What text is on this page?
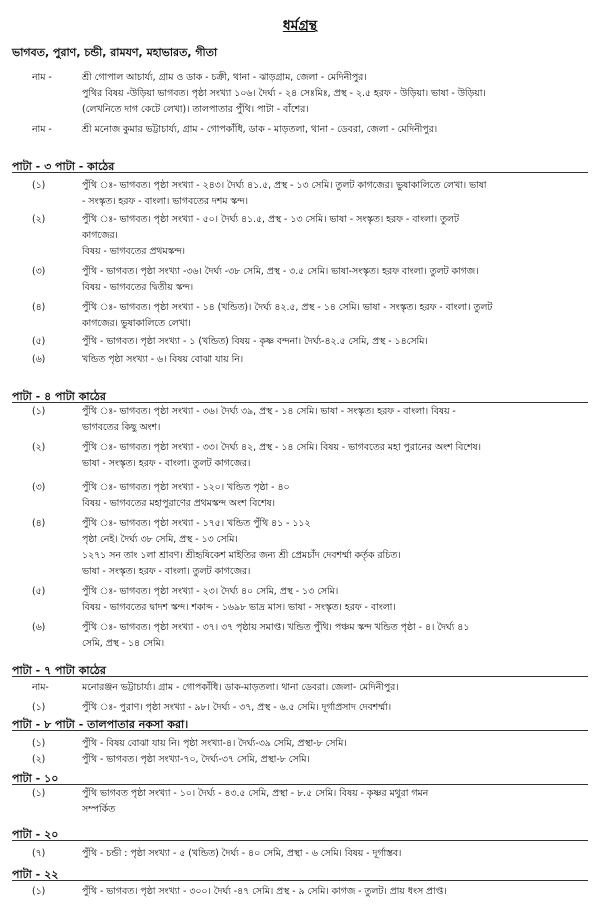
ধর্মগ্রন্থ
ভাগবত, পুরাণ, চন্ডী, রামযণ, মহাভারত, গীতা
নাম -	শ্রী গোপাল আচার্য্য, গ্রাম ও ডাক - চক্রী, থানা - ঝাড়গ্রাম, জেলা - মেদিনীপুর।
পুথির বিষয় -উড়িয়া ভাগবত। পৃষ্ঠা সংখ্যা ১০৬। দৈর্ঘ্য - ২৪ সেঃমিঃ, প্রস্থ - ২.৫ হরফ - উড়িয়া। ভাষা - উড়িয়া।
(লেখনিতে দাগ কেটে লেখা)। তালপাতার পুঁথি। পাটা - বাঁশের।
নাম -	শ্রী মনোজ কুমার ভট্টাচার্য্য, গ্রাম - গোপকাঁধি, ডাক - মাড়তলা, থানা - ডেবরা, জেলা - মেদিনীপুর।
পাটা - ৩ পাটা - কাঠের
(১)	পুঁথি ঃ- ভাগবত। পৃষ্ঠা সংখ্যা - ২৪৩। দৈর্ঘ্য ৪১.৫, প্রস্থ - ১৩ সেমি। তুলট কাগজের। ভুষাকালিতে লেখা। ভাষা
- সংস্কৃত। হরফ - বাংলা। ভাগবতের দশম স্কন্দ।
(২)	পুঁথি ঃ- ভাগবত। পৃষ্ঠা সংখ্যা - ৫০। দৈর্ঘ্য ৪১.৫, প্রস্থ - ১৩ সেমি। ভাষা - সংস্কৃত। হরফ - বাংলা। তুলট
কাগজের।
বিষয় - ভাগবতের প্রথমস্কন্দ।
(৩)	পুঁথি - ভাগবত। পৃষ্ঠা সংখ্যা -৩৬। দৈর্ঘ্য -৩৮ সেমি, প্রস্থ - ৩.৫ সেমি। ভাষা-সংস্কৃত। হরফ বাংলা। তুলট কাগজ।
বিষয় - ভাগবতের দ্বিতীয় স্কন্দ।
(৪)	পুঁথি ঃ- ভাগবত। পৃষ্ঠা সংখ্যা - ১৪ (খন্ডিত)। দৈর্ঘ্য ৪২.৫, প্রস্থ - ১৪ সেমি। ভাষা - সংস্কৃত। হরফ - বাংলা। তুলট
কাগজের। ভুষাকালিতে লেখা।
(৫)	পুঁথি - ভাগবত। পৃষ্ঠা সংখ্যা - ১ (খন্ডিত) বিষয় - কৃষ্ণ বন্দনা। দৈর্ঘ্য-৪২.৫ সেমি, প্রস্থ - ১৪সেমি।
(৬)	খন্ডিত পৃষ্ঠা সংখ্যা - ৬। বিষয় বোঝা যায় নি।
পাটা - ৪ পাটা কাঠের
(১)	পুঁথি ঃ- ভাগবত। পৃষ্ঠা সংখ্যা - ৩৬। দৈর্ঘ্য ৩৯, প্রস্থ - ১৪ সেমি। ভাষা - সংস্কৃত। হরফ - বাংলা। বিষয় -
ভাগবতের কিছু অংশ।
(২)	পুঁথি ঃ- ভাগবত। পৃষ্ঠা সংখ্যা - ৩৩। দৈর্ঘ্য ৪২, প্রস্থ - ১৪ সেমি। বিষয় - ভাগবতের মহা পুরানের অংশ বিশেষ।
ভাষা - সংস্কৃত। হরফ - বাংলা। তুলট কাগজের।
(৩)	পুঁথি ঃ- ভাগবত। পৃষ্ঠা সংখ্যা - ১২০। খন্ডিত পৃষ্ঠা - ৪০
বিষয় - ভাগবতের মহাপুরাণের প্রথমস্কন্দ অংশ বিশেষ।
(৪)	পুঁথি ঃ- ভাগবত। পৃষ্ঠা সংখ্যা - ১৭৫। খন্ডিত পুঁথি ৪১ - ১১২
পৃষ্ঠা নেই। দৈর্ঘ্য ৩৮ সেমি, প্রস্থ - ১৩ সেমি।
১২৭১ সন তাং ১লা শ্রাবণ। শ্রীহৃষিকেশ মাইতির জন্য শ্রী প্রেমচাঁদ দেবশর্ম্মা কর্তৃক রচিত।
ভাষা - সংস্কৃত। হরফ - বাংলা। তুলট কাগজের।
(৫)	পুঁথি ঃ- ভাগবত। পৃষ্ঠা সংখ্যা - ২৩। দৈর্ঘ্য ৪০ সেমি, প্রস্থ - ১৩ সেমি।
বিষয় - ভাগবতের দ্বাদশ স্কন্দ। শকাব্দ - ১৬৯৮ ভাদ্র মাস। ভাষা - সংস্কৃত। হরফ - বাংলা।
(৬)	পুঁথি ঃ- ভাগবত। পৃষ্ঠা সংখ্যা - ৩৭। ৩৭ পৃষ্ঠায় সমাপ্ত। খন্ডিত পুঁথি। পঞ্চম স্কন্দ খন্ডিত পৃষ্ঠা - ৪। দৈর্ঘ্য ৪১
সেমি, প্রস্থ - ১৪ সেমি।
পাটা - ৭ পাটা কাঠের
নাম-	মনোরঞ্জন ভট্টাচার্য্য। গ্রাম - গোপকাঁধি। ডাক-মাড়তলা। থানা ডেবরা। জেলা- মেদিনীপুর।
(১)	পুঁথি ঃ- পুরাণ। পৃষ্ঠা সংখ্যা - ৯৮। দৈর্ঘ্য - ৩৭, প্রস্থ - ৬.৫ সেমি। দূর্গাপ্রসাদ দেবশর্ম্মা।
পাটা - ৮ পাটা - তালপাতার নকসা করা।
(১)	পুঁথি - বিষয় বোঝা যায় নি। পৃষ্ঠা সংখ্যা-৪। দৈর্ঘ্য-৩৯ সেমি, প্রস্থা-৮ সেমি।
(২)	পুঁথি - ভাগবত। পৃষ্ঠা সংখ্যা-৭০, দৈর্ঘ্য-৩৭ সেমি, প্রস্থা-৮ সেমি।
পাটা - ১০
(১)	পুঁথি ভাগবত পৃষ্ঠা সংখ্যা - ১০। দৈর্ঘ্য - ৪৩.৫ সেমি, প্রস্থা - ৮.৫ সেমি। বিষয় - কৃষ্ণর মথুরা গমন
সম্পর্কিত
পাটা - ২০
(৭)	পুঁথি - চন্ডী : পৃষ্ঠা সংখ্যা - ৫ (খন্ডিত) দৈর্ঘ্য - ৪০ সেমি, প্রস্থা - ৬ সেমি। বিষয় - দূর্গাস্তব।
পাটা - ২২
(১)	পুঁথি - ভাগবত। পৃষ্ঠা সংখ্যা - ৩০০। দৈর্ঘ্য -৪৭ সেমি। প্রস্থ - ৯ সেমি। কাগজ - তুলট। প্রায় ধংস প্রাপ্ত।
